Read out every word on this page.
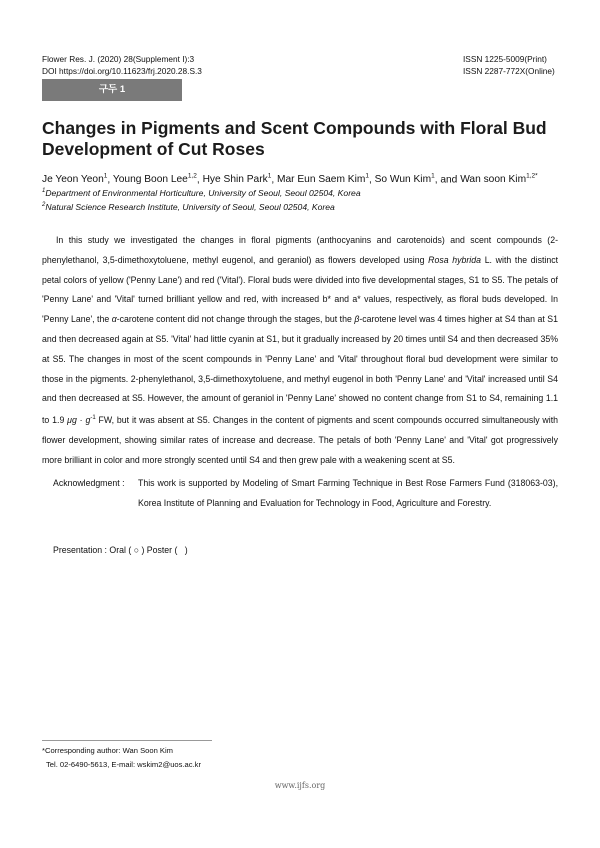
Flower Res. J. (2020) 28(Supplement I):3
DOI https://doi.org/10.11623/frj.2020.28.S.3
ISSN 1225-5009(Print)
ISSN 2287-772X(Online)
구두 1
Changes in Pigments and Scent Compounds with Floral Bud Development of Cut Roses
Je Yeon Yeon$^1$, Young Boon Lee$^{1,2}$, Hye Shin Park$^1$, Mar Eun Saem Kim$^1$, So Wun Kim$^1$, and Wan soon Kim$^{1,2*}$
$^1$Department of Environmental Horticulture, University of Seoul, Seoul 02504, Korea
$^2$Natural Science Research Institute, University of Seoul, Seoul 02504, Korea
In this study we investigated the changes in floral pigments (anthocyanins and carotenoids) and scent compounds (2-phenylethanol, 3,5-dimethoxytoluene, methyl eugenol, and geraniol) as flowers developed using Rosa hybrida L. with the distinct petal colors of yellow ('Penny Lane') and red ('Vital'). Floral buds were divided into five developmental stages, S1 to S5. The petals of 'Penny Lane' and 'Vital' turned brilliant yellow and red, with increased b* and a* values, respectively, as floral buds developed. In 'Penny Lane', the α-carotene content did not change through the stages, but the β-carotene level was 4 times higher at S4 than at S1 and then decreased again at S5. 'Vital' had little cyanin at S1, but it gradually increased by 20 times until S4 and then decreased 35% at S5. The changes in most of the scent compounds in 'Penny Lane' and 'Vital' throughout floral bud development were similar to those in the pigments. 2-phenylethanol, 3,5-dimethoxytoluene, and methyl eugenol in both 'Penny Lane' and 'Vital' increased until S4 and then decreased at S5. However, the amount of geraniol in 'Penny Lane' showed no content change from S1 to S4, remaining 1.1 to 1.9 $\mu g \cdot g^{-1}$ FW, but it was absent at S5. Changes in the content of pigments and scent compounds occurred simultaneously with flower development, showing similar rates of increase and decrease. The petals of both 'Penny Lane' and 'Vital' got progressively more brilliant in color and more strongly scented until S4 and then grew pale with a weakening scent at S5.
Acknowledgment : This work is supported by Modeling of Smart Farming Technique in Best Rose Farmers Fund (318063-03), Korea Institute of Planning and Evaluation for Technology in Food, Agriculture and Forestry.
Presentation : Oral ( ○ ) Poster (   )
*Corresponding author: Wan Soon Kim
Tel. 02-6490-5613, E-mail: wskim2@uos.ac.kr
www.ijfs.org
